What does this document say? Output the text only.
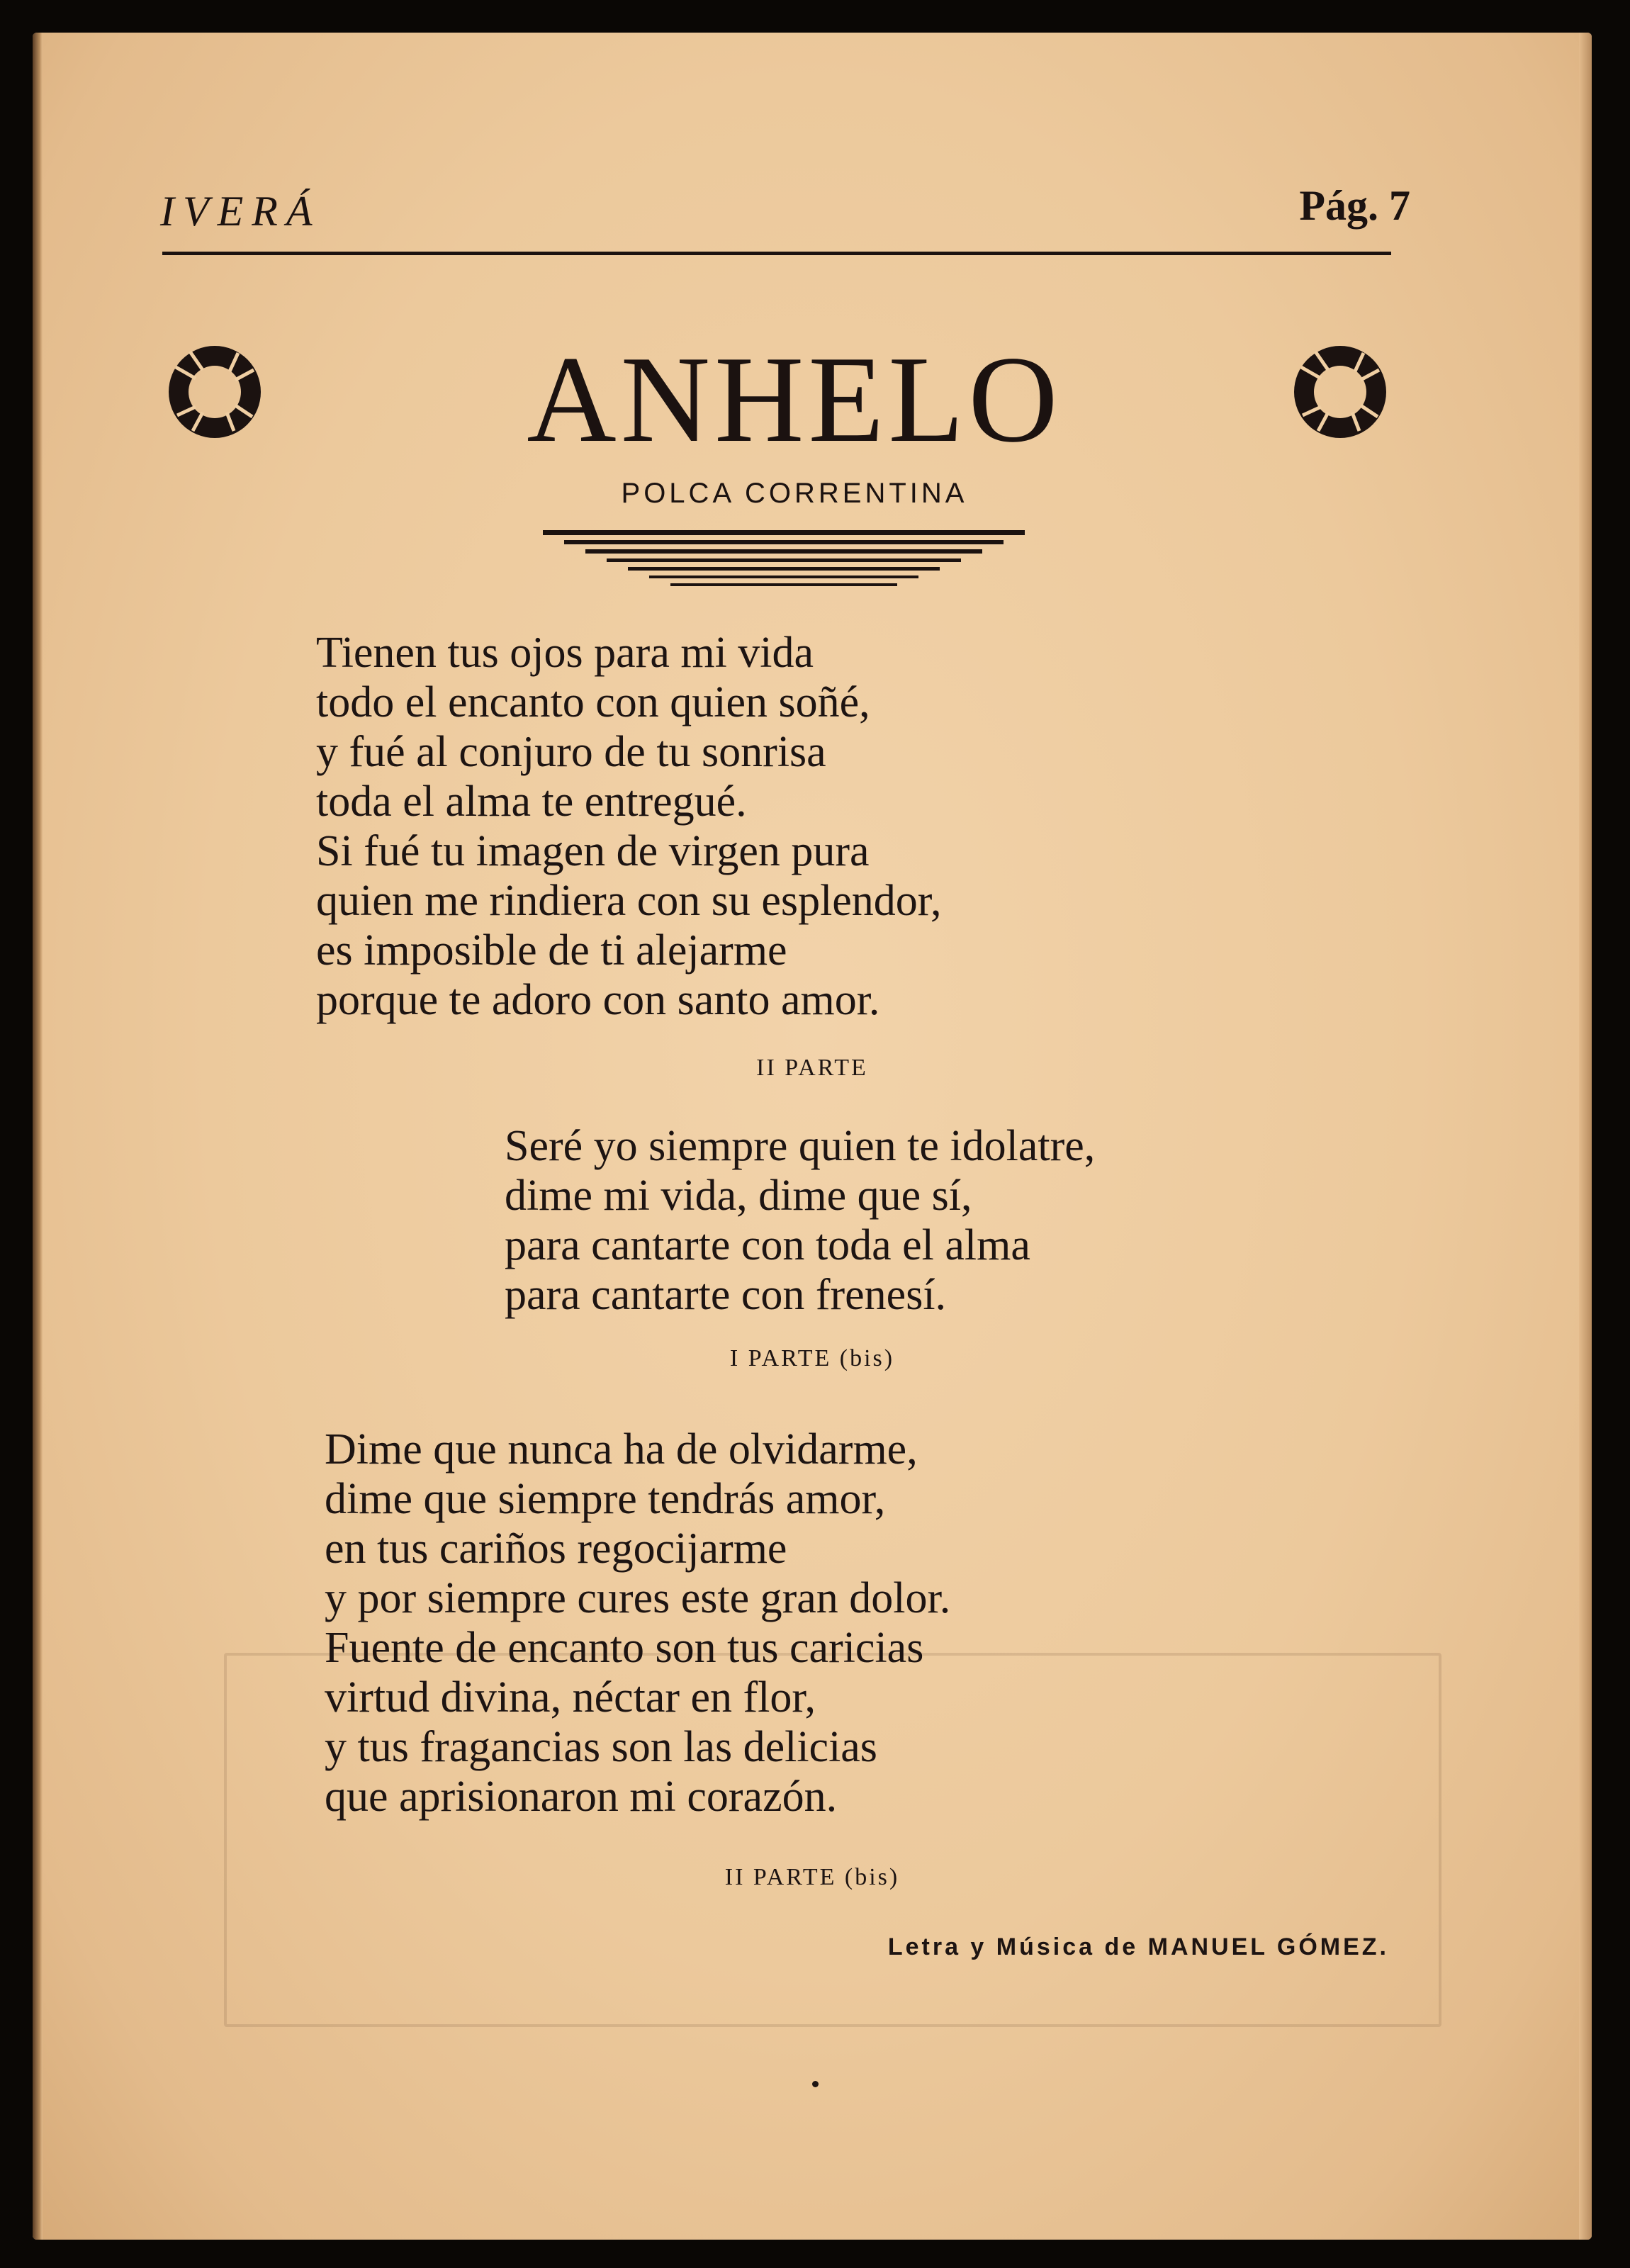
IVERÁ	Pág. 7
ANHELO
POLCA CORRENTINA
Tienen tus ojos para mi vida
todo el encanto con quien soñé,
y fué al conjuro de tu sonrisa
toda el alma te entregué.
Si fué tu imagen de virgen pura
quien me rindiera con su esplendor,
es imposible de ti alejarme
porque te adoro con santo amor.
II PARTE
Seré yo siempre quien te idolatre,
dime mi vida, dime que sí,
para cantarte con toda el alma
para cantarte con frenesí.
I PARTE (bis)
Dime que nunca ha de olvidarme,
dime que siempre tendrás amor,
en tus cariños regocijarme
y por siempre cures este gran dolor.
Fuente de encanto son tus caricias
virtud divina, néctar en flor,
y tus fragancias son las delicias
que aprisionaron mi corazón.
II PARTE (bis)
Letra y Música de MANUEL GÓMEZ.
